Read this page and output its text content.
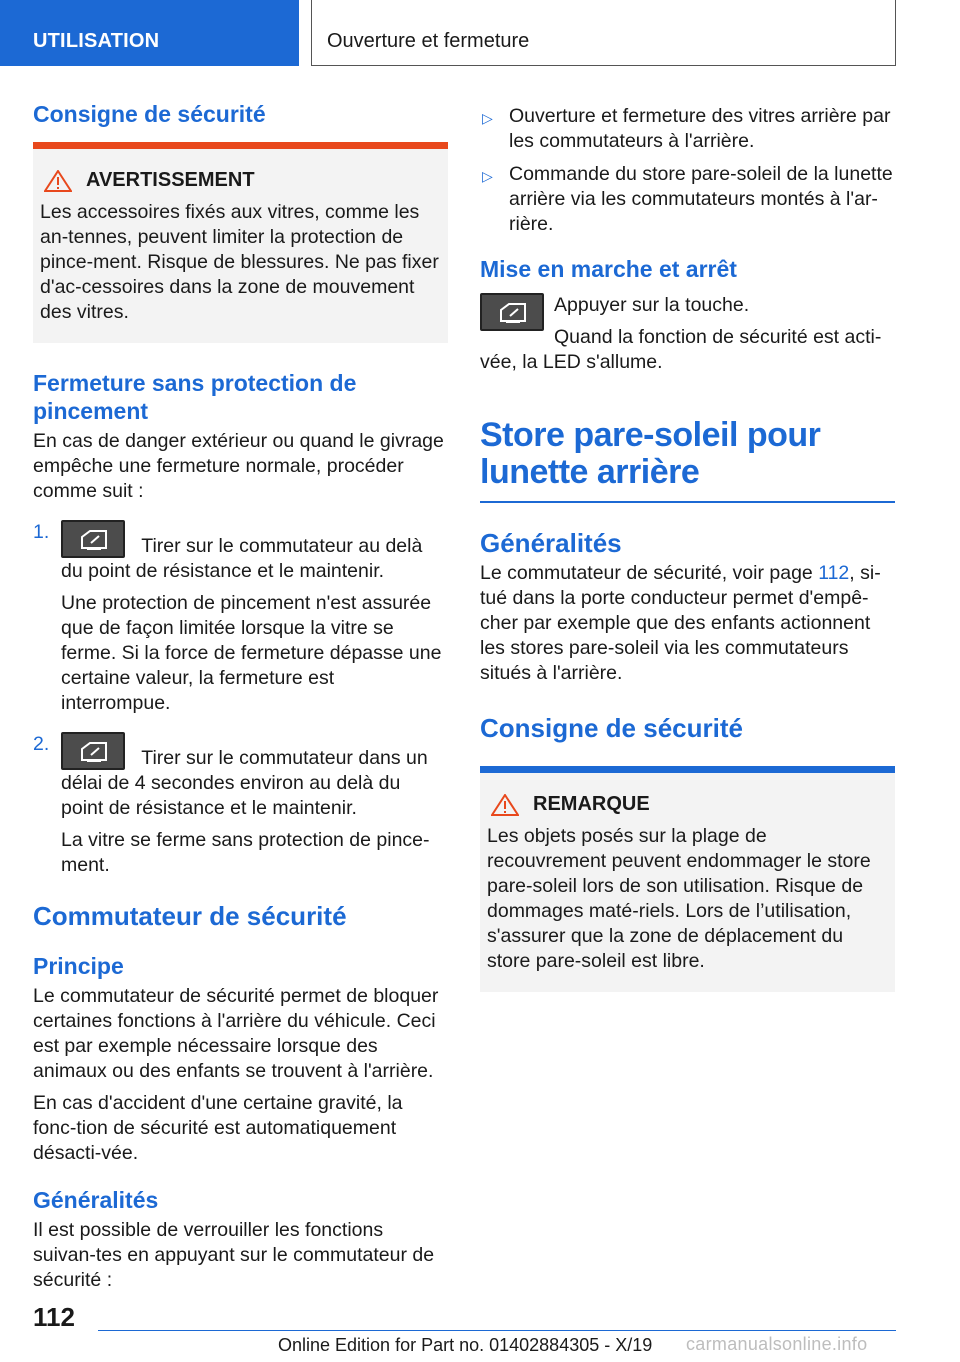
UTILISATION	Ouverture et fermeture
Consigne de sécurité
AVERTISSEMENT

Les accessoires fixés aux vitres, comme les an-tennes, peuvent limiter la protection de pince-ment. Risque de blessures. Ne pas fixer d'ac-cessoires dans la zone de mouvement des vitres.

Fermeture sans protection de pincement

En cas de danger extérieur ou quand le givrage empêche une fermeture normale, procéder comme suit :

1.

Tirer sur le commutateur au delà du point de résistance et le maintenir.

Une protection de pincement n'est assurée que de façon limitée lorsque la vitre se ferme. Si la force de fermeture dépasse une certaine valeur, la fermeture est interrompue.

2.

Tirer sur le commutateur dans un délai de 4 secondes environ au delà du point de résistance et le maintenir.

La vitre se ferme sans protection de pince-ment.

Commutateur de sécurité
Principe

Le commutateur de sécurité permet de bloquer certaines fonctions à l'arrière du véhicule. Ceci est par exemple nécessaire lorsque des animaux ou des enfants se trouvent à l'arrière.

En cas d'accident d'une certaine gravité, la fonc-tion de sécurité est automatiquement désacti-vée.

Généralités

Il est possible de verrouiller les fonctions suivan-tes en appuyant sur le commutateur de sécurité :

▷ Ouverture et fermeture des vitres arrière par les commutateurs à l'arrière.

▷ Commande du store pare-soleil de la lunette arrière via les commutateurs montés à l'ar-rière.

Mise en marche et arrêt

Appuyer sur la touche.

Quand la fonction de sécurité est acti-vée, la LED s'allume.

Store pare-soleil pour lunette arrière
Généralités

Le commutateur de sécurité, voir page 112, si-tué dans la porte conducteur permet d'empê-cher par exemple que des enfants actionnent les stores pare-soleil via les commutateurs situés à l'arrière.

Consigne de sécurité
REMARQUE

Les objets posés sur la plage de recouvrement peuvent endommager le store pare-soleil lors de son utilisation. Risque de dommages maté-riels. Lors de l’utilisation, s'assurer que la zone de déplacement du store pare-soleil est libre.

112
Online Edition for Part no. 01402884305 - X/19 carmanualsonline.info
